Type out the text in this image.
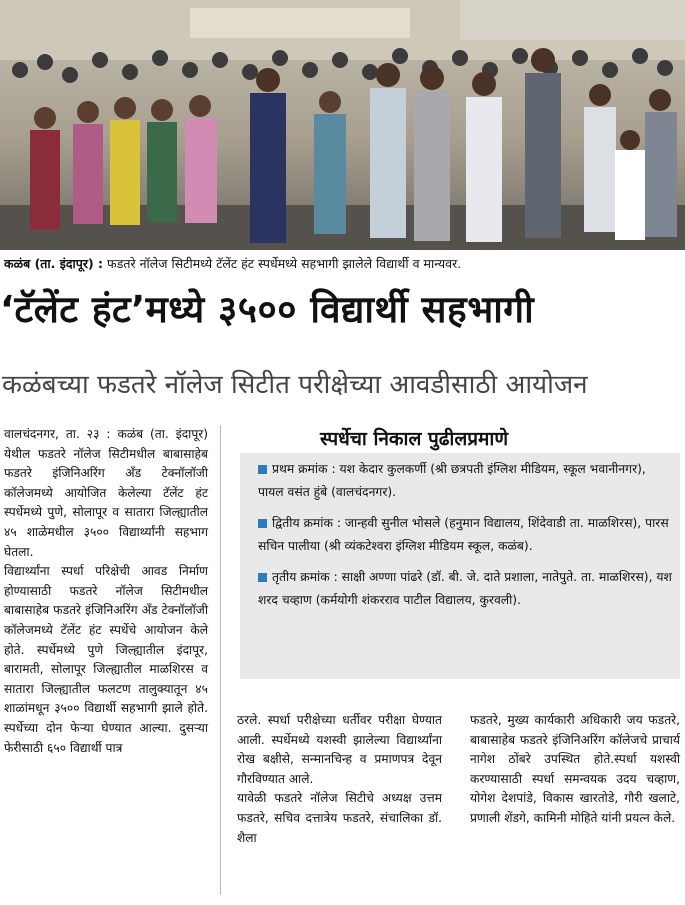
कळंब (ता. इंदापूर) : फडतरे नॉलेज सिटीमध्ये टॅलेंट हंट स्पर्धेमध्ये सहभागी झालेले विद्यार्थी व मान्यवर.
‘टॅलेंट हंट’मध्ये ३५०० विद्यार्थी सहभागी
कळंबच्या फडतरे नॉलेज सिटीत परीक्षेच्या आवडीसाठी आयोजन

वालचंदनगर, ता. २३ : कळंब (ता. इंदापूर) येथील फडतरे नॉलेज सिटीमधील बाबासाहेब फडतरे इंजिनिअरिंग अँड टेक्नॉलॉजी कॉलेजमध्ये आयोजित केलेल्या टॅलेंट हंट स्पर्धेमध्ये पुणे, सोलापूर व सातारा जिल्ह्यातील ४५ शाळेमधील ३५०० विद्यार्थ्यांनी सहभाग घेतला.

विद्यार्थ्यांना स्पर्धा परिक्षेची आवड निर्माण होण्यासाठी फडतरे नॉलेज सिटीमधील बाबासाहेब फडतरे इंजिनिअरिंग अँड टेक्नॉलॉजी कॉलेजमध्ये टॅलेंट हंट स्पर्धेचे आयोजन केले होते. स्पर्धेमध्ये पुणे जिल्ह्यातील इंदापूर, बारामती, सोलापूर जिल्ह्यातील माळशिरस व सातारा जिल्ह्यातील फलटण तालुक्यातून ४५ शाळांमधून ३५०० विद्यार्थी सहभागी झाले होते. स्पर्धेच्या दोन फेऱ्या घेण्यात आल्या. दुसऱ्या फेरीसाठी ६५० विद्यार्थी पात्र

स्पर्धेचा निकाल पुढीलप्रमाणे
प्रथम क्रमांक : यश केदार कुलकर्णी (श्री छत्रपती इंग्लिश मीडियम, स्कूल भवानीनगर), पायल वसंत हुंबे (वालचंदनगर).
द्वितीय क्रमांक : जान्हवी सुनील भोसले (हनुमान विद्यालय, शिंदेवाडी ता. माळशिरस), पारस सचिन पालीया (श्री व्यंकटेश्वरा इंग्लिश मीडियम स्कूल, कळंब).
तृतीय क्रमांक : साक्षी अण्णा पांढरे (डॉ. बी. जे. दाते प्रशाला, नातेपुते. ता. माळशिरस), यश शरद चव्हाण (कर्मयोगी शंकरराव पाटील विद्यालय, कुरवली).

ठरले. स्पर्धा परीक्षेच्या धर्तीवर परीक्षा घेण्यात आली. स्पर्धेमध्ये यशस्वी झालेल्या विद्यार्थ्यांना रोख बक्षीसे, सन्मानचिन्ह व प्रमाणपत्र देवून गौरविण्यात आले.

यावेळी फडतरे नॉलेज सिटीचे अध्यक्ष उत्तम फडतरे, सचिव दत्तात्रेय फडतरे, संचालिका डॉ. शैला

फडतरे, मुख्य कार्यकारी अधिकारी जय फडतरे, बाबासाहेब फडतरे इंजिनिअरिंग कॉलेजचे प्राचार्य नागेश ठोंबरे उपस्थित होते.स्पर्धा यशस्वी करण्यासाठी स्पर्धा समन्वयक उदय चव्हाण, योगेश देशपांडे, विकास खारतोडे, गौरी खलाटे, प्रणाली शेंडगे, कामिनी मोहिते यांनी प्रयत्न केले.
